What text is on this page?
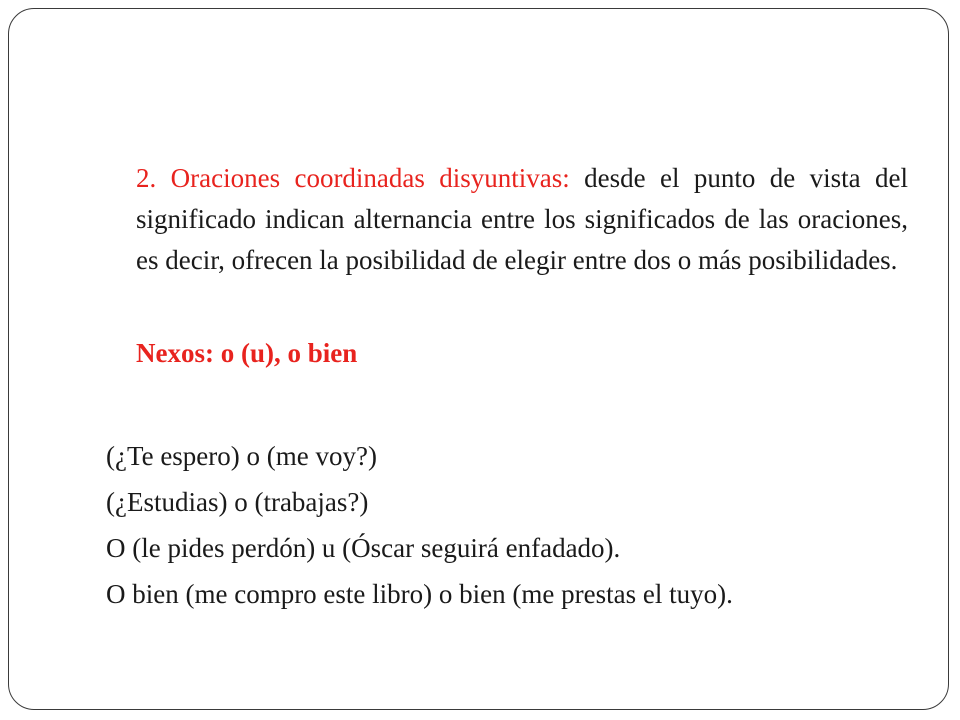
2. Oraciones coordinadas disyuntivas: desde el punto de vista del significado indican alternancia entre los significados de las oraciones, es decir, ofrecen la posibilidad de elegir entre dos o más posibilidades.

Nexos: o (u), o bien

(¿Te espero) o (me voy?)
(¿Estudias) o (trabajas?)
O (le pides perdón) u (Óscar seguirá enfadado).
O bien (me compro este libro) o bien (me prestas el tuyo).
